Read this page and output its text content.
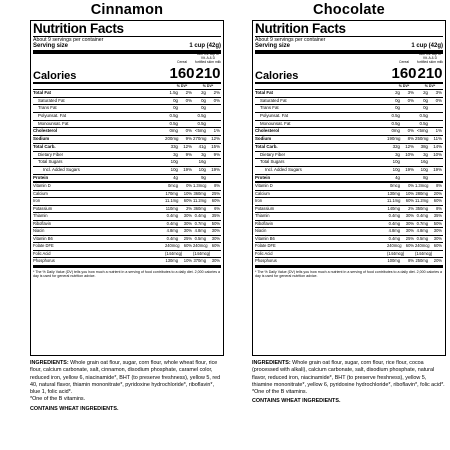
Cinnamon
Nutrition Facts
About 9 servings per container
Serving size	1 cup (42g)
Cereal
with 1/2 cup of Vit. A & D fortified skim milk
Calories	160 210
% DV*	% DV*
Total Fat	1.5g	2%	2g	2%
Saturated Fat	0g	0%	0g	0%
Trans Fat	0g	0g
Polyunsat. Fat	0.5g	0.5g
Monounsat. Fat	0.5g	0.5g
Cholesterol	0mg	0% <5mg	1%
Sodium	200mg	9% 270mg	12%
Total Carb.	33g	12%	41g	15%
Dietary Fiber	3g	9%	3g	9%
Total Sugars	10g	16g
Incl. Added Sugars	10g	19%	10g	19%
Protein	4g	9g
Vitamin D	0mcg	0% 1.3mcg	8%
Calcium	170mg	10% 360mg	25%
Iron	11.1mg	60% 11.2mg	60%
Potassium	110mg	2% 360mg	6%
Thiamin	0.4mg	30% 0.4mg	35%
Riboflavin	0.4mg	30% 0.7mg	50%
Niacin	4.8mg	30% 4.8mg	30%
Vitamin B6	0.4mg	25% 0.5mg	30%
Folate DFE	240mcg	60% 240mcg	60%
Folic Acid	(144mcg)	(144mcg)
Phosphorus	130mg	10% 370mg	30%
* The % Daily Value (DV) tells you how much a nutrient in a serving of food contributes to a daily diet. 2,000 calories a day is used for general nutrition advice.
INGREDIENTS: Whole grain oat flour, sugar, corn flour, whole wheat flour, rice flour, calcium carbonate, salt, cinnamon, disodium phosphate, caramel color, reduced iron, yellow 6, niacinamide*, BHT (to preserve freshness), yellow 5, red 40, natural flavor, thiamin mononitrate*, pyridoxine hydrochloride*, riboflavin*, blue 1, folic acid*.
*One of the B vitamins.
CONTAINS WHEAT INGREDIENTS.
Chocolate
Nutrition Facts
About 9 servings per container
Serving size	1 cup (42g)
Cereal
with 1/2 cup of Vit. A & D fortified skim milk
Calories	160 210
% DV*	% DV*
Total Fat	2g	3%	2g	3%
Saturated Fat	0g	0%	0g	0%
Trans Fat	0g	0g
Polyunsat. Fat	0.5g	0.5g
Monounsat. Fat	0.5g	0.5g
Cholesterol	0mg	0% <5mg	1%
Sodium	190mg	8% 250mg	11%
Total Carb.	32g	12%	38g	14%
Dietary Fiber	3g	10%	3g	10%
Total Sugars	10g	16g
Incl. Added Sugars	10g	19%	10g	19%
Protein	4g	8g
Vitamin D	0mcg	0% 1.3mcg	8%
Calcium	130mg	10% 280mg	20%
Iron	11.1mg	60% 11.2mg	60%
Potassium	140mg	2% 350mg	8%
Thiamin	0.4mg	30% 0.4mg	35%
Riboflavin	0.4mg	30% 0.7mg	50%
Niacin	4.8mg	30% 4.8mg	30%
Vitamin B6	0.4mg	25% 0.5mg	30%
Folate DFE	240mcg	60% 240mcg	60%
Folic Acid	(144mcg)	(144mcg)
Phosphorus	100mg	8% 250mg	20%
* The % Daily Value (DV) tells you how much a nutrient in a serving of food contributes to a daily diet. 2,000 calories a day is used for general nutrition advice.
INGREDIENTS: Whole grain oat flour, sugar, corn flour, rice flour, cocoa (processed with alkali), calcium carbonate, salt, disodium phosphate, natural flavor, reduced iron, niacinamide*, BHT (to preserve freshness), yellow 5, thiamine mononitrate*, yellow 6, pyridoxine hydrochloride*, riboflavin*, folic acid*.
*One of the B vitamins.
CONTAINS WHEAT INGREDIENTS.
